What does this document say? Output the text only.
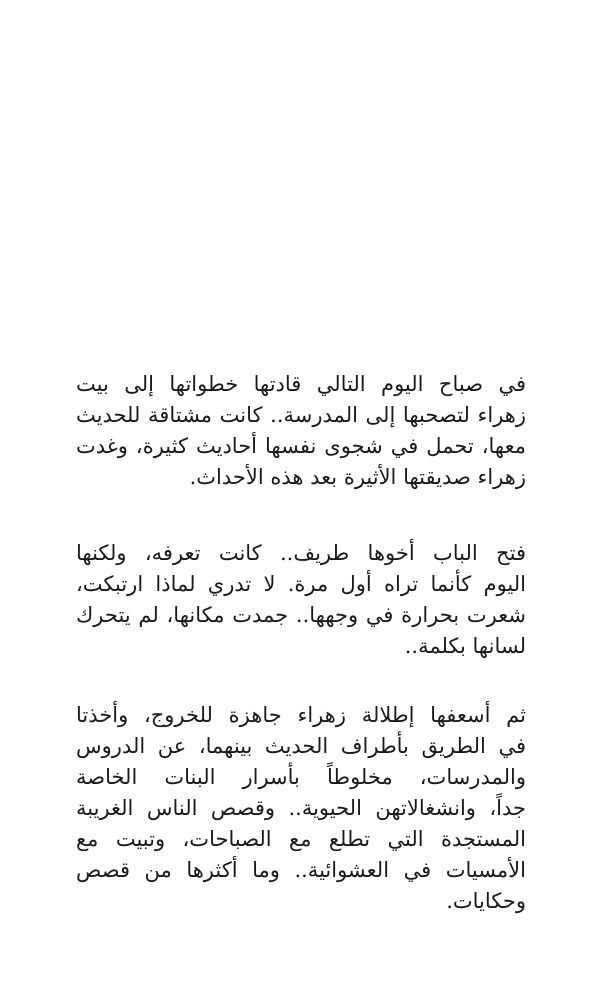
في صباح اليوم التالي قادتها خطواتها إلى بيت
زهراء لتصحبها إلى المدرسة.. كانت مشتاقة للحديث
معها، تحمل في شجوى نفسها أحاديث كثيرة، وغدت
زهراء صديقتها الأثيرة بعد هذه الأحداث.
فتح الباب أخوها طريف.. كانت تعرفه، ولكنها
اليوم كأنما تراه أول مرة. لا تدري لماذا ارتبكت،
شعرت بحرارة في وجهها.. جمدت مكانها، لم يتحرك
لسانها بكلمة..
ثم أسعفها إطلالة زهراء جاهزة للخروج، وأخذتا
في الطريق بأطراف الحديث بينهما، عن الدروس
والمدرسات، مخلوطاً بأسرار البنات الخاصة
جداً، وانشغالاتهن الحيوية.. وقصص الناس الغريبة
المستجدة التي تطلع مع الصباحات، وتبيت مع
الأمسيات في العشوائية.. وما أكثرها من قصص
وحكايات.
